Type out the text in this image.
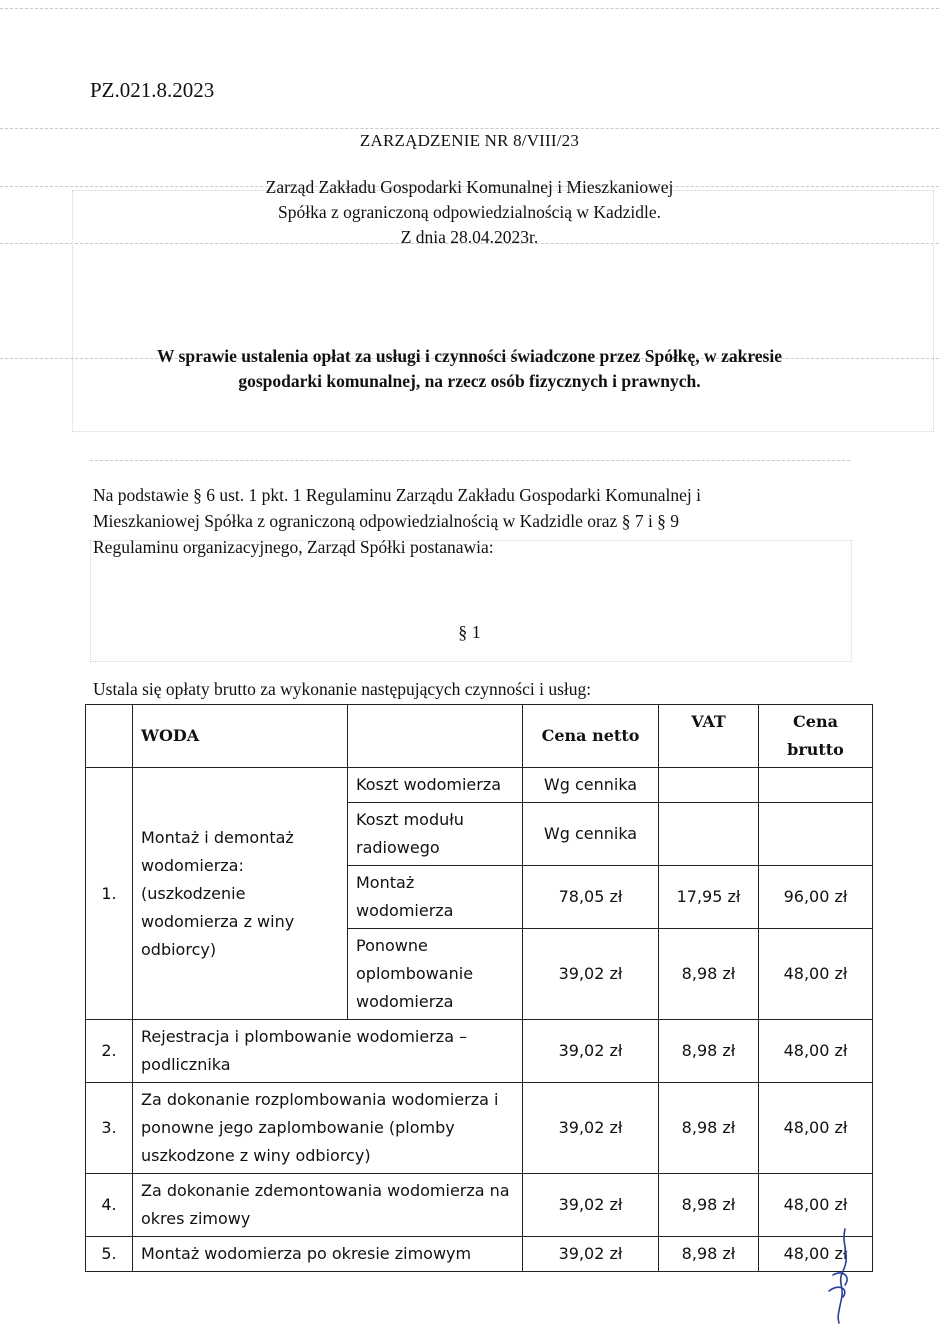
PZ.021.8.2023
ZARZĄDZENIE NR 8/VIII/23
Zarząd Zakładu Gospodarki Komunalnej i Mieszkaniowej
Spółka z ograniczoną odpowiedzialnością w Kadzidle.
Z dnia 28.04.2023r.
W sprawie ustalenia opłat za usługi i czynności świadczone przez Spółkę, w zakresie
gospodarki komunalnej, na rzecz osób fizycznych i prawnych.
Na podstawie § 6 ust. 1 pkt. 1 Regulaminu Zarządu Zakładu Gospodarki Komunalnej i
Mieszkaniowej Spółka z ograniczoną odpowiedzialnością w Kadzidle oraz § 7 i § 9
Regulaminu organizacyjnego, Zarząd Spółki postanawia:
§ 1
Ustala się opłaty brutto za wykonanie następujących czynności i usług:
	WODA		Cena netto	VAT	Cena brutto
1.	Montaż i demontaż wodomierza: (uszkodzenie wodomierza z winy odbiorcy)	Koszt wodomierza	Wg cennika		
		Koszt modułu radiowego	Wg cennika		
		Montaż wodomierza	78,05 zł	17,95 zł	96,00 zł
		Ponowne oplombowanie wodomierza	39,02 zł	8,98 zł	48,00 zł
2.	Rejestracja i plombowanie wodomierza – podlicznika		39,02 zł	8,98 zł	48,00 zł
3.	Za dokonanie rozplombowania wodomierza i ponowne jego zaplombowanie (plomby uszkodzone z winy odbiorcy)		39,02 zł	8,98 zł	48,00 zł
4.	Za dokonanie zdemontowania wodomierza na okres zimowy		39,02 zł	8,98 zł	48,00 zł
5.	Montaż wodomierza po okresie zimowym		39,02 zł	8,98 zł	48,00 zł
